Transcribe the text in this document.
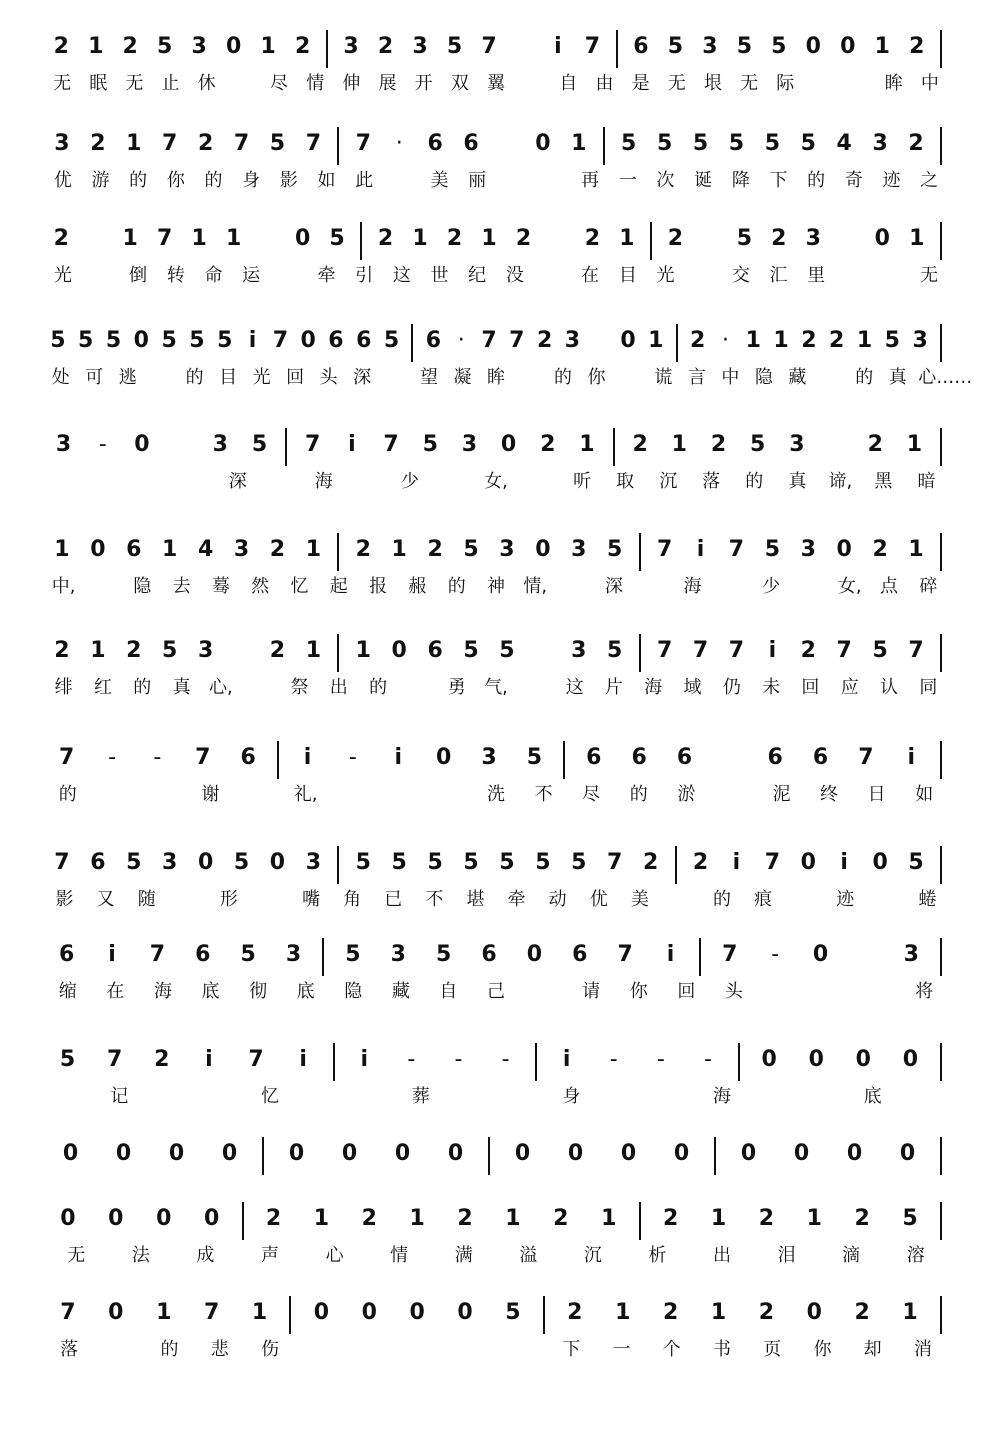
2 1 2 5 3 0 1 2 3 2 3 5 7	i	7 6 5 3 5 5 0 0 1 2
无 眠 无 止 休	尽 情 伸 展 开 双 翼	自 由 是 无 垠 无 际	眸 中
3 2 1 7 2 7 5 7 7	·	6 6	0 1 5 5 5 5 5 5 4 3 2
优 游 的 你 的 身 影 如 此	美 丽	再 一 次 诞 降 下 的 奇 迹 之
2 1 7 1 1 0 5 2 1 2 1 2 2 1 2 5 2 3 0 1
光	倒 转 命 运	牵 引 这 世 纪 没	在 目 光	交 汇 里	无
5 5 5 0 5 5 5 i 7 0 6 6 5 6 · 7 7 2 3 0 1 2 · 1 1 2 2 1 5 3
处 可 逃	的 目 光 回 头 深	望 凝 眸	的 你	谎 言 中 隐 藏	的 真 心……
3	-	0	3 5 7	i	7 5 3 0 2 1 2 1 2 5 3	2 1
深	海	少	女,	听 取 沉 落 的 真 谛, 黑 暗
1 0 6 1 4 3 2 1 2 1 2 5 3 0 3 5 7	i	7 5 3 0 2 1
中,	隐 去 蓦 然 忆 起 报 赧 的 神 情,	深	海	少	女, 点 碎
2 1 2 5 3	2 1 1 0 6 5 5	3 5 7 7 7	i	2 7 5 7
绯 红 的 真 心,	祭 出 的	勇 气,	这 片 海 域 仍 未 回 应 认 同
7	-	-	7 6	i	-	i	0 3 5 6 6 6	6 6 7	i
的	谢	礼,	洗 不 尽 的 淤	泥 终 日 如
7 6 5 3 0 5 0 3 5 5 5 5 5 5 5 7 2 2	i	7 0	i	0 5
影 又 随	形	嘴 角 已 不 堪 牵 动 优 美	的 痕	迹	蜷
6	i	7 6 5 3 5 3 5 6 0 6 7	i	7	-	0	3
缩 在 海 底 彻 底 隐 藏 自 己	请 你 回 头	将
5 7 2	i	7	i	i	-	-	-	i	-	-	-	0 0 0 0
记	忆	葬	身	海	底
0 0 0 0 0 0 0 0 0 0 0 0 0 0 0 0
0 0 0 0 2 1 2 1 2 1 2 1 2 1 2 1 2 5
无	法	成	声	心	情	满	溢	沉	析	出	泪	滴	溶
7 0 1 7 1 0 0 0 0 5 2 1 2 1 2 0 2 1
落	的 悲 伤	下 一 个 书 页 你 却 消
